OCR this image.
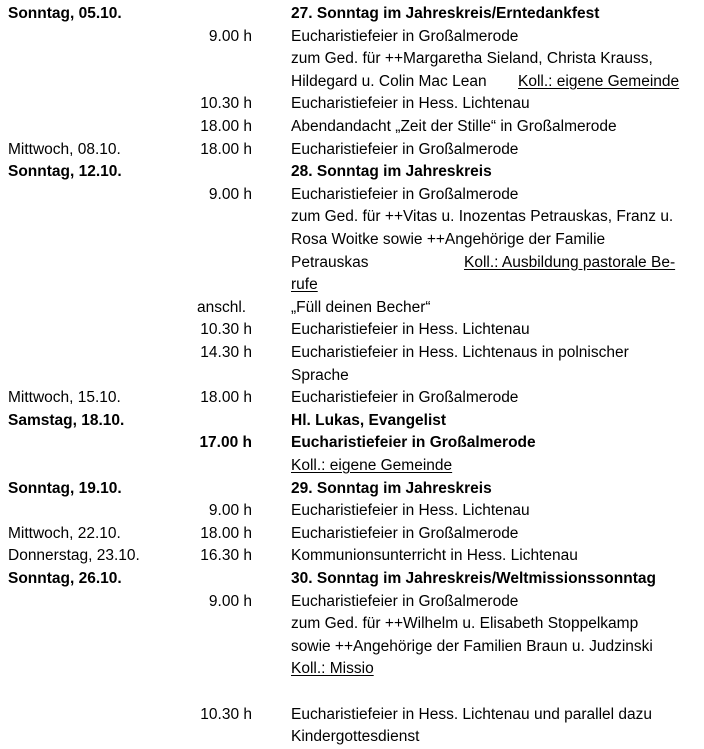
Sonntag, 05.10.	27. Sonntag im Jahreskreis/Erntedankfest
9.00 h	Eucharistiefeier in Großalmerode
zum Ged. für ++Margaretha Sieland, Christa Krauss,
Hildegard u. Colin Mac Lean Koll.: eigene Gemeinde
10.30 h	Eucharistiefeier in Hess. Lichtenau
18.00 h	Abendandacht „Zeit der Stille“ in Großalmerode
Mittwoch, 08.10.	18.00 h	Eucharistiefeier in Großalmerode
Sonntag, 12.10.	28. Sonntag im Jahreskreis
9.00 h	Eucharistiefeier in Großalmerode
zum Ged. für ++Vitas u. Inozentas Petrauskas, Franz u.
Rosa Woitke sowie ++Angehörige der Familie
Petrauskas	Koll.: Ausbildung pastorale Be-
rufe
anschl.	„Füll deinen Becher“
10.30 h	Eucharistiefeier in Hess. Lichtenau
14.30 h	Eucharistiefeier in Hess. Lichtenaus in polnischer
Sprache
Mittwoch, 15.10.	18.00 h	Eucharistiefeier in Großalmerode
Samstag, 18.10.	Hl. Lukas, Evangelist
17.00 h	Eucharistiefeier in Großalmerode
Koll.: eigene Gemeinde
Sonntag, 19.10.	29. Sonntag im Jahreskreis
9.00 h	Eucharistiefeier in Hess. Lichtenau
Mittwoch, 22.10.	18.00 h	Eucharistiefeier in Großalmerode
Donnerstag, 23.10.	16.30 h	Kommunionsunterricht in Hess. Lichtenau
Sonntag, 26.10.	30. Sonntag im Jahreskreis/Weltmissionssonntag
9.00 h	Eucharistiefeier in Großalmerode
zum Ged. für ++Wilhelm u. Elisabeth Stoppelkamp
sowie ++Angehörige der Familien Braun u. Judzinski
Koll.: Missio
10.30 h	Eucharistiefeier in Hess. Lichtenau und parallel dazu
Kindergottesdienst
